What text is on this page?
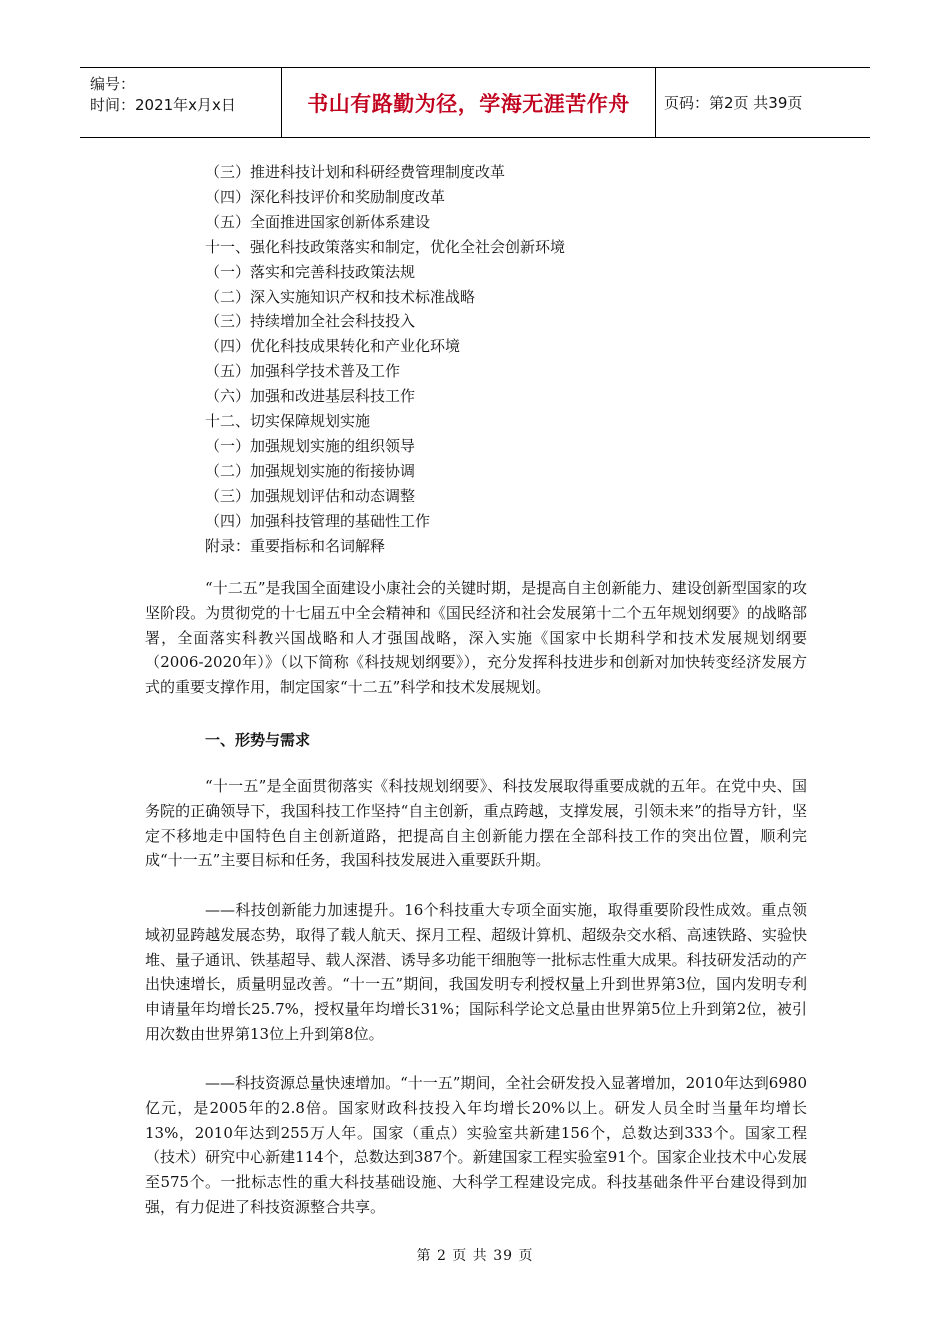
编号：
时间：2021年x月x日	书山有路勤为径，学海无涯苦作舟	页码：第2页 共39页
（三）推进科技计划和科研经费管理制度改革
（四）深化科技评价和奖励制度改革
（五）全面推进国家创新体系建设
十一、强化科技政策落实和制定，优化全社会创新环境
（一）落实和完善科技政策法规
（二）深入实施知识产权和技术标准战略
（三）持续增加全社会科技投入
（四）优化科技成果转化和产业化环境
（五）加强科学技术普及工作
（六）加强和改进基层科技工作
十二、切实保障规划实施
（一）加强规划实施的组织领导
（二）加强规划实施的衔接协调
（三）加强规划评估和动态调整
（四）加强科技管理的基础性工作
附录：重要指标和名词解释

“十二五”是我国全面建设小康社会的关键时期，是提高自主创新能力、建设创新型国家的攻坚阶段。为贯彻党的十七届五中全会精神和《国民经济和社会发展第十二个五年规划纲要》的战略部署，全面落实科教兴国战略和人才强国战略，深入实施《国家中长期科学和技术发展规划纲要（2006-2020年）》（以下简称《科技规划纲要》），充分发挥科技进步和创新对加快转变经济发展方式的重要支撑作用，制定国家“十二五”科学和技术发展规划。

一、形势与需求

“十一五”是全面贯彻落实《科技规划纲要》、科技发展取得重要成就的五年。在党中央、国务院的正确领导下，我国科技工作坚持“自主创新，重点跨越，支撑发展，引领未来”的指导方针，坚定不移地走中国特色自主创新道路，把提高自主创新能力摆在全部科技工作的突出位置，顺利完成“十一五”主要目标和任务，我国科技发展进入重要跃升期。

——科技创新能力加速提升。16个科技重大专项全面实施，取得重要阶段性成效。重点领域初显跨越发展态势，取得了载人航天、探月工程、超级计算机、超级杂交水稻、高速铁路、实验快堆、量子通讯、铁基超导、载人深潜、诱导多功能干细胞等一批标志性重大成果。科技研发活动的产出快速增长，质量明显改善。“十一五”期间，我国发明专利授权量上升到世界第3位，国内发明专利申请量年均增长25.7%，授权量年均增长31%；国际科学论文总量由世界第5位上升到第2位，被引用次数由世界第13位上升到第8位。

——科技资源总量快速增加。“十一五”期间，全社会研发投入显著增加，2010年达到6980亿元，是2005年的2.8倍。国家财政科技投入年均增长20%以上。研发人员全时当量年均增长13%，2010年达到255万人年。国家（重点）实验室共新建156个，总数达到333个。国家工程（技术）研究中心新建114个，总数达到387个。新建国家工程实验室91个。国家企业技术中心发展至575个。一批标志性的重大科技基础设施、大科学工程建设完成。科技基础条件平台建设得到加强，有力促进了科技资源整合共享。

第 2 页 共 39 页
